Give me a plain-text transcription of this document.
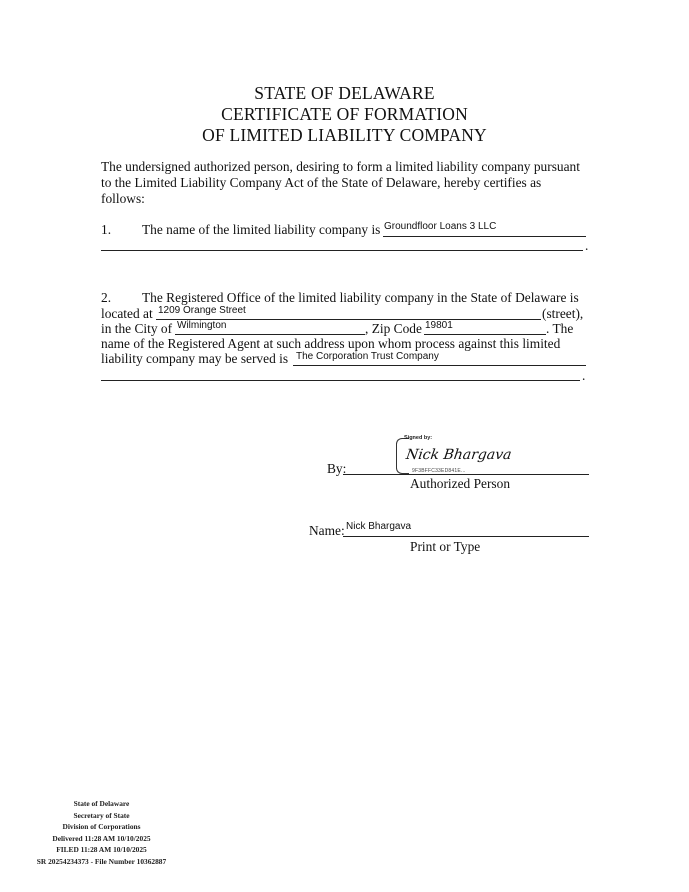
STATE OF DELAWARE
CERTIFICATE OF FORMATION
OF LIMITED LIABILITY COMPANY
The undersigned authorized person, desiring to form a limited liability company pursuant
to the Limited Liability Company Act of the State of Delaware, hereby certifies as
follows:
1. The name of the limited liability company is Groundfloor Loans 3 LLC
.
2. The Registered Office of the limited liability company in the State of Delaware is
located at 1209 Orange Street	(street),
in the City of Wilmington	, Zip Code 19801	. The
name of the Registered Agent at such address upon whom process against this limited
liability company may be served is The Corporation Trust Company
.
By:
Signed by:
Nick Bhargava
9F3BFFC33ED841E...
Authorized Person
Name: Nick Bhargava
Print or Type
State of Delaware
Secretary of State
Division of Corporations
Delivered 11:28 AM 10/10/2025
FILED 11:28 AM 10/10/2025
SR 20254234373 - File Number 10362887
